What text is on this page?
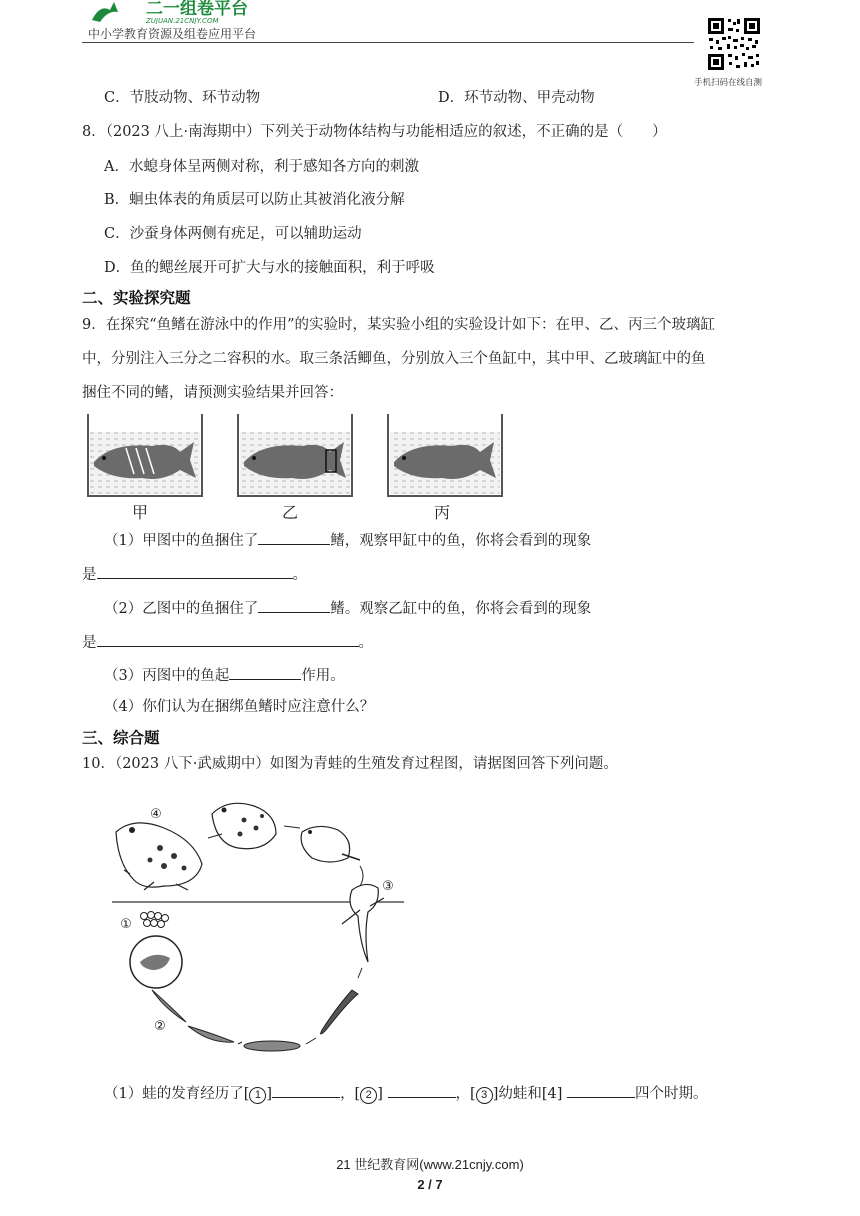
二一组卷平台
ZUJUAN.21CNJY.COM
中小学教育资源及组卷应用平台
手机扫码在线自测
C．节肢动物、环节动物	D．环节动物、甲壳动物
8．（2023 八上·南海期中）下列关于动物体结构与功能相适应的叙述，不正确的是（　　）
A．水螅身体呈两侧对称，利于感知各方向的刺激
B．蛔虫体表的角质层可以防止其被消化液分解
C．沙蚕身体两侧有疣足，可以辅助运动
D．鱼的鳃丝展开可扩大与水的接触面积，利于呼吸
二、实验探究题
9．在探究“鱼鳍在游泳中的作用”的实验时，某实验小组的实验设计如下：在甲、乙、丙三个玻璃缸
中，分别注入三分之二容积的水。取三条活鲫鱼，分别放入三个鱼缸中，其中甲、乙玻璃缸中的鱼
捆住不同的鳍，请预测实验结果并回答：
甲	乙	丙
（1）甲图中的鱼捆住了	鳍，观察甲缸中的鱼，你将会看到的现象
是	。
（2）乙图中的鱼捆住了	鳍。观察乙缸中的鱼，你将会看到的现象
是	。
（3）丙图中的鱼起	作用。
（4）你们认为在捆绑鱼鳍时应注意什么？
三、综合题
10．（2023 八下·武威期中）如图为青蛙的生殖发育过程图，请据图回答下列问题。
④
③
①
②
（1）蛙的发育经历了[ 1 ]	，[ 2 ]	，[ 3 ]幼蛙和[4]	四个时期。
21 世纪教育网(www.21cnjy.com)
2 / 7
